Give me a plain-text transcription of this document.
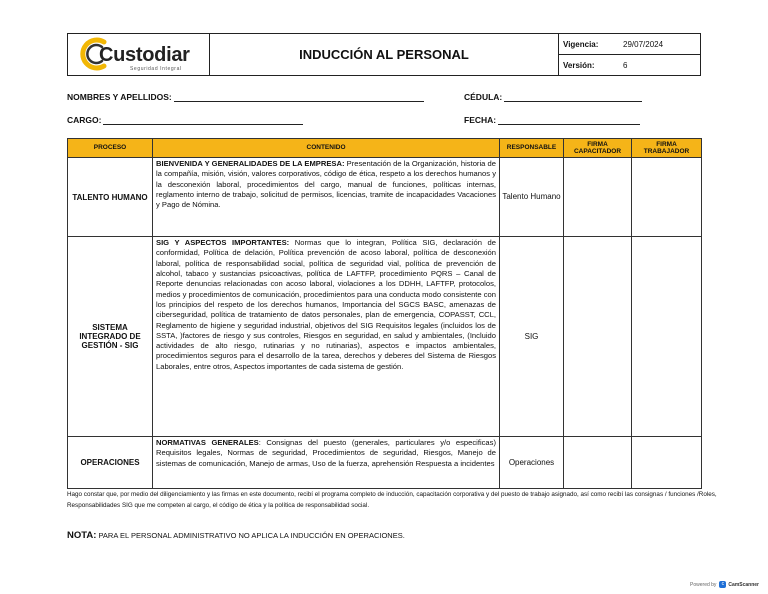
Custodiar
Seguridad Integral
INDUCCIÓN AL PERSONAL
Vigencia:	29/07/2024
Versión:	6
NOMBRES Y APELLIDOS:	CÉDULA:
CARGO:	FECHA:
PROCESO	CONTENIDO	RESPONSABLE	FIRMA CAPACITADOR	FIRMA TRABAJADOR
TALENTO HUMANO	BIENVENIDA Y GENERALIDADES DE LA EMPRESA: Presentación de la Organización, historia de la compañía, misión, visión, valores corporativos, código de ética, respeto a los derechos humanos y la desconexión laboral, procedimientos del cargo, manual de funciones, políticas internas, reglamento interno de trabajo, solicitud de permisos, licencias, tramite de incapacidades Vacaciones y Pago de Nómina.	Talento Humano		
SISTEMA INTEGRADO DE GESTIÓN - SIG	SIG Y ASPECTOS IMPORTANTES: Normas que lo integran, Política SIG, declaración de conformidad, Política de delación, Política prevención de acoso laboral, política de desconexión laboral, política de responsabilidad social, política de seguridad vial, política de prevención de alcohol, tabaco y sustancias psicoactivas, política de LAFTFP, procedimiento PQRS – Canal de Reporte denuncias relacionadas con acoso laboral, violaciones a los DDHH, LAFTFP, protocolos, medios y procedimientos de comunicación, procedimientos para una conducta modo consistente con los principios del respeto de los derechos humanos, Importancia del SGCS BASC, amenazas de ciberseguridad, política de tratamiento de datos personales, plan de emergencia, COPASST, CCL, Reglamento de higiene y seguridad industrial, objetivos del SIG Requisitos legales (incluidos los de SSTA, )factores de riesgo y sus controles, Riesgos en seguridad, en salud y ambientales, (Incluido actividades de alto riesgo, rutinarias y no rutinarias), aspectos e impactos ambientales, procedimientos seguros para el desarrollo de la tarea, derechos y deberes del Sistema de Riesgos Laborales, entre otros, Aspectos importantes de cada sistema de gestión.	SIG		
OPERACIONES	NORMATIVAS GENERALES: Consignas del puesto (generales, particulares y/o especificas) Requisitos legales, Normas de seguridad, Procedimientos de seguridad, Riesgos, Manejo de sistemas de comunicación, Manejo de armas, Uso de la fuerza, aprehensión Respuesta a incidentes	Operaciones		
Hago constar que, por medio del diligenciamiento y las firmas en este documento, recibí el programa completo de inducción, capacitación corporativa y del puesto de trabajo asignado, así como recibí las consignas / funciones /Roles, Responsabilidades SIG que me competen al cargo, el código de ética y la política de responsabilidad social.
NOTA: PARA EL PERSONAL ADMINISTRATIVO NO APLICA LA INDUCCIÓN EN OPERACIONES.
Powered by	c CamScanner
